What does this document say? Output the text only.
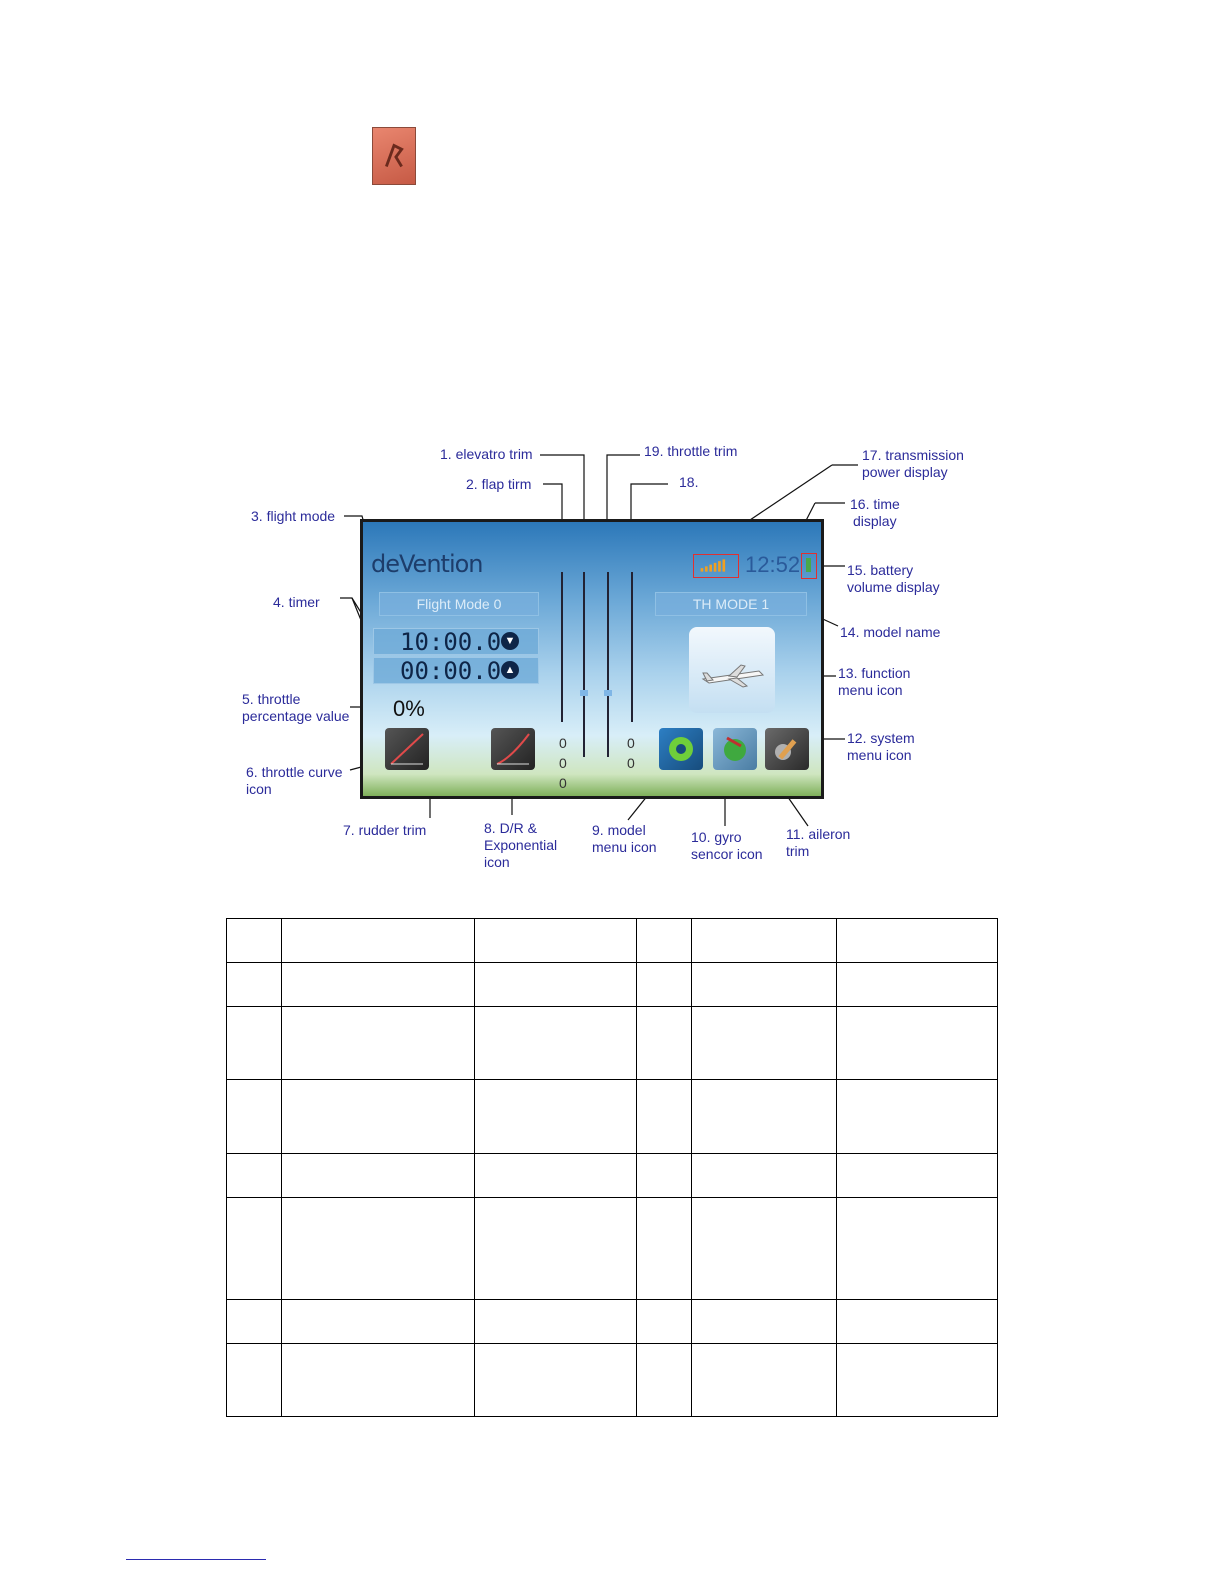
deVention	12:52
Flight Mode 0	TH MODE 1
10:00.0 ▼
00:00.0 ▲
0%
0
0
0
0
0
1. elevatro trim
2. flap tirm
3. flight mode
4. timer
5. throttle
percentage value
6. throttle curve
icon
7. rudder trim	8. D/R &
Exponential
icon
9. model
menu icon
10. gyro
sencor icon
11. aileron
trim
12. system
menu icon
13. function
menu icon
14. model name
15. battery
volume display
16. time
display
17. transmission
power display
18.
19. throttle trim
